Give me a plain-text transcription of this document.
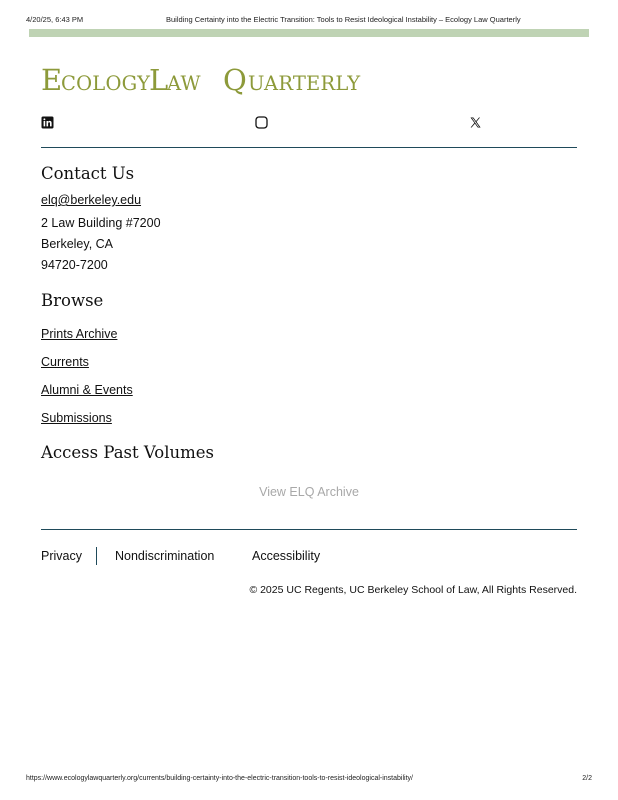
4/20/25, 6:43 PM	Building Certainty into the Electric Transition: Tools to Resist Ideological Instability – Ecology Law Quarterly
E
COLOGY
L
AW Q UARTERLY
Contact Us
elq@berkeley.edu
2 Law Building #7200
Berkeley, CA
94720-7200
Browse
Prints Archive
Currents
Alumni & Events
Submissions
Access Past Volumes
View ELQ Archive
Privacy	Nondiscrimination	Accessibility
© 2025 UC Regents, UC Berkeley School of Law, All Rights Reserved.
https://www.ecologylawquarterly.org/currents/building-certainty-into-the-electric-transition-tools-to-resist-ideological-instability/	2/2
